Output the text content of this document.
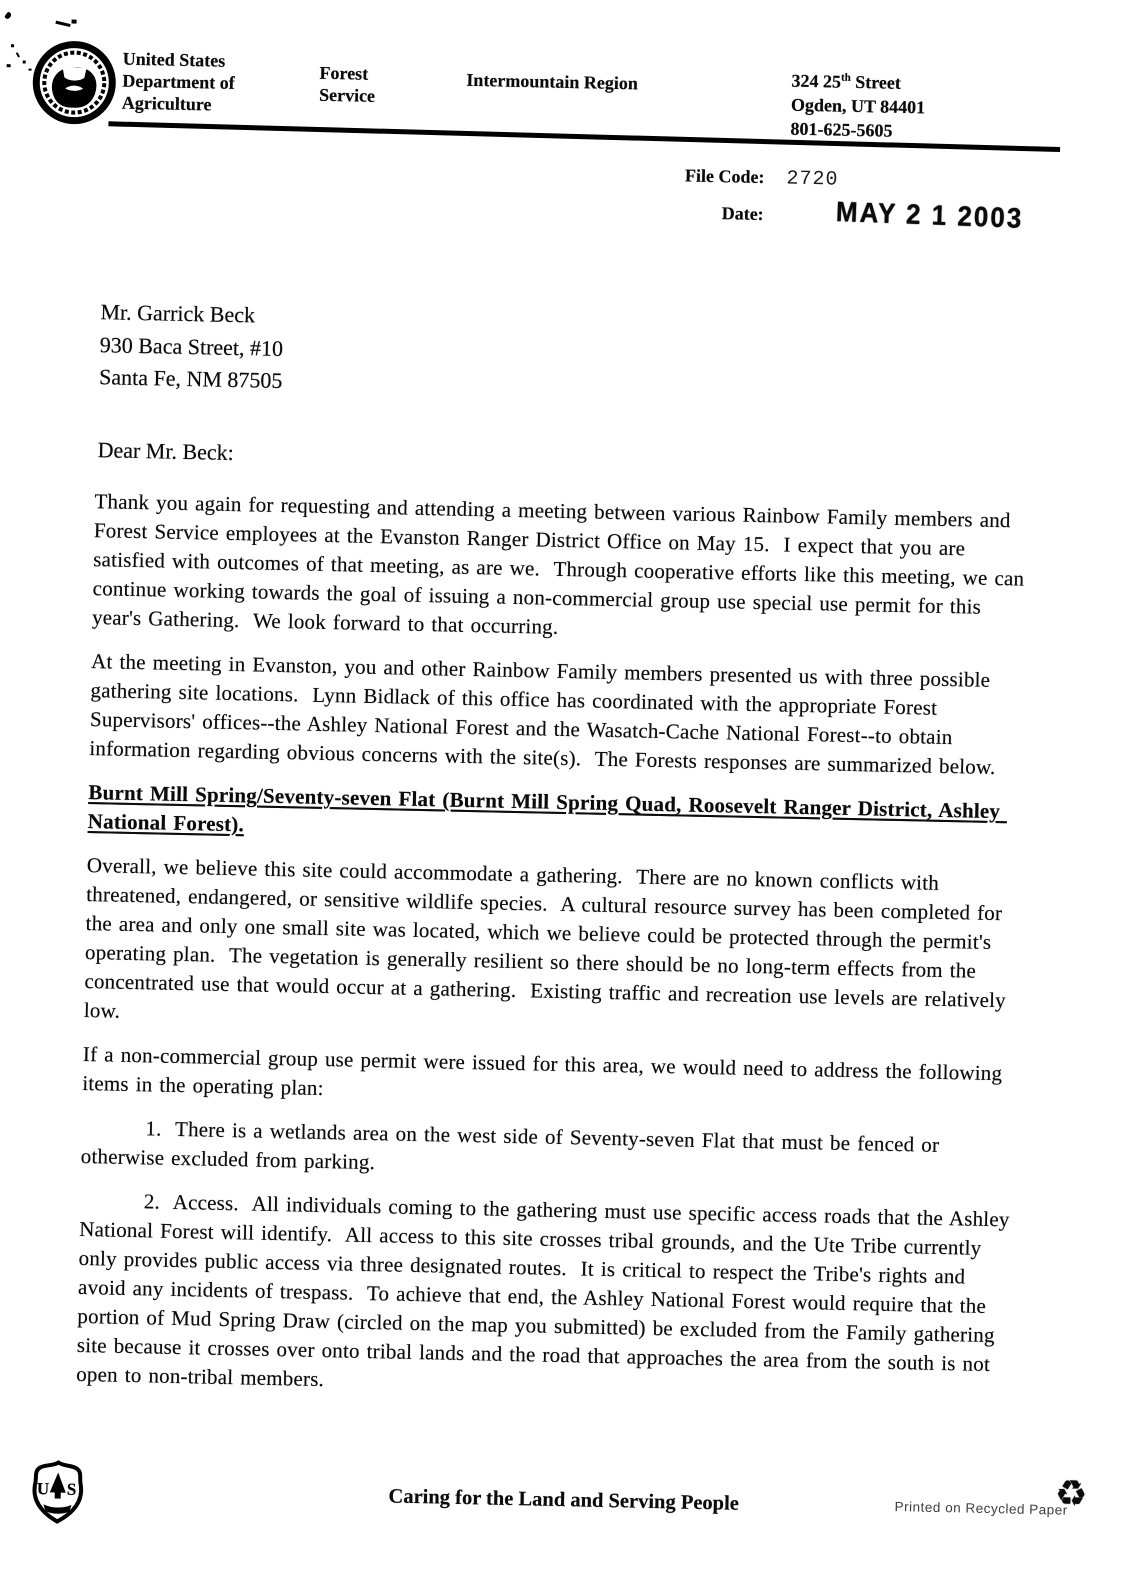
United States
Department of
Agriculture
Forest
Service
Intermountain Region	324 25th Street
Ogden, UT 84401
801-625-5605
File Code: 2720
Date:	MAY 2 1 2003
Mr. Garrick Beck
930 Baca Street, #10
Santa Fe, NM 87505
Dear Mr. Beck:

Thank you again for requesting and attending a meeting between various Rainbow Family members and Forest Service employees at the Evanston Ranger District Office on May 15.  I expect that you are satisfied with outcomes of that meeting, as are we.  Through cooperative efforts like this meeting, we can continue working towards the goal of issuing a non-commercial group use special use permit for this year's Gathering.  We look forward to that occurring.

At the meeting in Evanston, you and other Rainbow Family members presented us with three possible gathering site locations.  Lynn Bidlack of this office has coordinated with the appropriate Forest Supervisors' offices--the Ashley National Forest and the Wasatch-Cache National Forest--to obtain information regarding obvious concerns with the site(s).  The Forests responses are summarized below.

Burnt Mill Spring/Seventy-seven Flat (Burnt Mill Spring Quad, Roosevelt Ranger District, Ashley National Forest).

Overall, we believe this site could accommodate a gathering.  There are no known conflicts with threatened, endangered, or sensitive wildlife species.  A cultural resource survey has been completed for the area and only one small site was located, which we believe could be protected through the permit's operating plan.  The vegetation is generally resilient so there should be no long-term effects from the concentrated use that would occur at a gathering.  Existing traffic and recreation use levels are relatively low.

If a non-commercial group use permit were issued for this area, we would need to address the following items in the operating plan:

1.  There is a wetlands area on the west side of Seventy-seven Flat that must be fenced or otherwise excluded from parking.

2.  Access.  All individuals coming to the gathering must use specific access roads that the Ashley National Forest will identify.  All access to this site crosses tribal grounds, and the Ute Tribe currently only provides public access via three designated routes.  It is critical to respect the Tribe's rights and avoid any incidents of trespass.  To achieve that end, the Ashley National Forest would require that the portion of Mud Spring Draw (circled on the map you submitted) be excluded from the Family gathering site because it crosses over onto tribal lands and the road that approaches the area from the south is not open to non-tribal members.

U S	Caring for the Land and Serving People	Printed on Recycled Paper
♻
